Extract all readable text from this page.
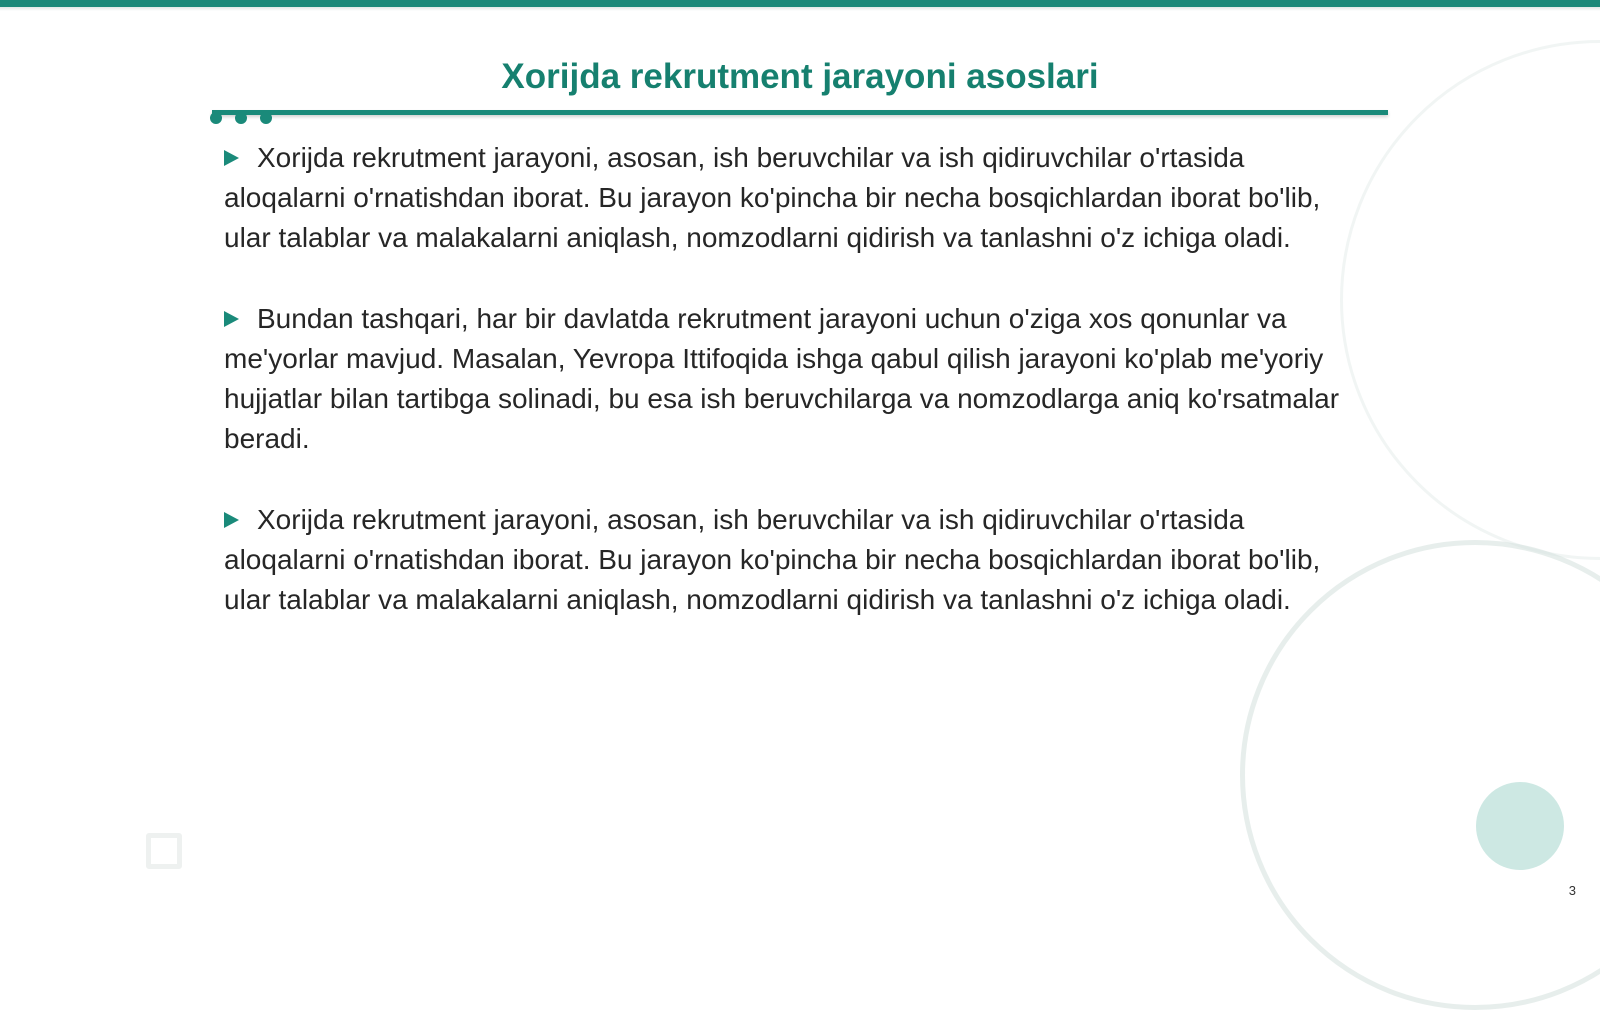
Xorijda rekrutment jarayoni asoslari

Xorijda rekrutment jarayoni, asosan, ish beruvchilar va ish qidiruvchilar o'rtasida aloqalarni o'rnatishdan iborat. Bu jarayon ko'pincha bir necha bosqichlardan iborat bo'lib, ular talablar va malakalarni aniqlash, nomzodlarni qidirish va tanlashni o'z ichiga oladi.

Bundan tashqari, har bir davlatda rekrutment jarayoni uchun o'ziga xos qonunlar va me'yorlar mavjud. Masalan, Yevropa Ittifoqida ishga qabul qilish jarayoni ko'plab me'yoriy hujjatlar bilan tartibga solinadi, bu esa ish beruvchilarga va nomzodlarga aniq ko'rsatmalar beradi.

Xorijda rekrutment jarayoni, asosan, ish beruvchilar va ish qidiruvchilar o'rtasida aloqalarni o'rnatishdan iborat. Bu jarayon ko'pincha bir necha bosqichlardan iborat bo'lib, ular talablar va malakalarni aniqlash, nomzodlarni qidirish va tanlashni o'z ichiga oladi.

3
